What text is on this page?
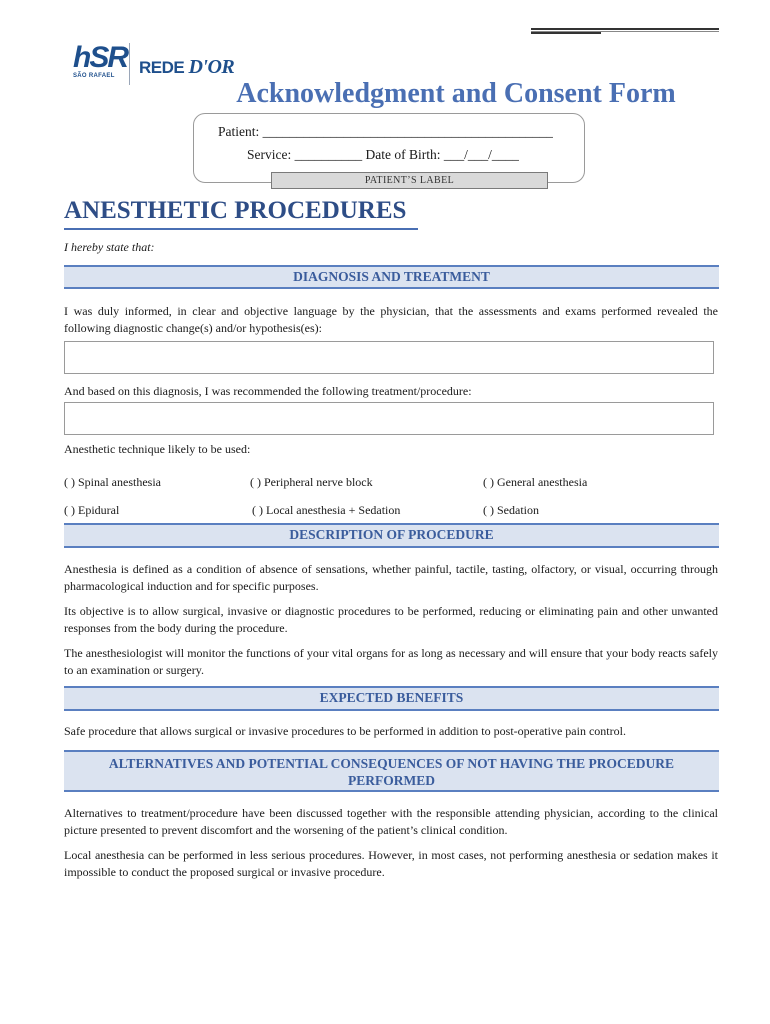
hSR
SÃO RAFAEL REDE D'OR
Acknowledgment and Consent Form
Patient: ___________________________________________
Service: __________ Date of Birth: ___/___/____
PATIENT’S LABEL
ANESTHETIC PROCEDURES
I hereby state that:
DIAGNOSIS AND TREATMENT
I was duly informed, in clear and objective language by the physician, that the assessments and exams performed revealed the following diagnostic change(s) and/or hypothesis(es):
And based on this diagnosis, I was recommended the following treatment/procedure:
Anesthetic technique likely to be used:
( ) Spinal anesthesia	( ) Peripheral nerve block	( ) General anesthesia
( ) Epidural	( ) Local anesthesia + Sedation	( ) Sedation
DESCRIPTION OF PROCEDURE
Anesthesia is defined as a condition of absence of sensations, whether painful, tactile, tasting, olfactory, or visual, occurring through pharmacological induction and for specific purposes.
Its objective is to allow surgical, invasive or diagnostic procedures to be performed, reducing or eliminating pain and other unwanted responses from the body during the procedure.
The anesthesiologist will monitor the functions of your vital organs for as long as necessary and will ensure that your body reacts safely to an examination or surgery.
EXPECTED BENEFITS
Safe procedure that allows surgical or invasive procedures to be performed in addition to post-operative pain control.
ALTERNATIVES AND POTENTIAL CONSEQUENCES OF NOT HAVING THE PROCEDURE PERFORMED
Alternatives to treatment/procedure have been discussed together with the responsible attending physician, according to the clinical picture presented to prevent discomfort and the worsening of the patient’s clinical condition.
Local anesthesia can be performed in less serious procedures. However, in most cases, not performing anesthesia or sedation makes it impossible to conduct the proposed surgical or invasive procedure.
